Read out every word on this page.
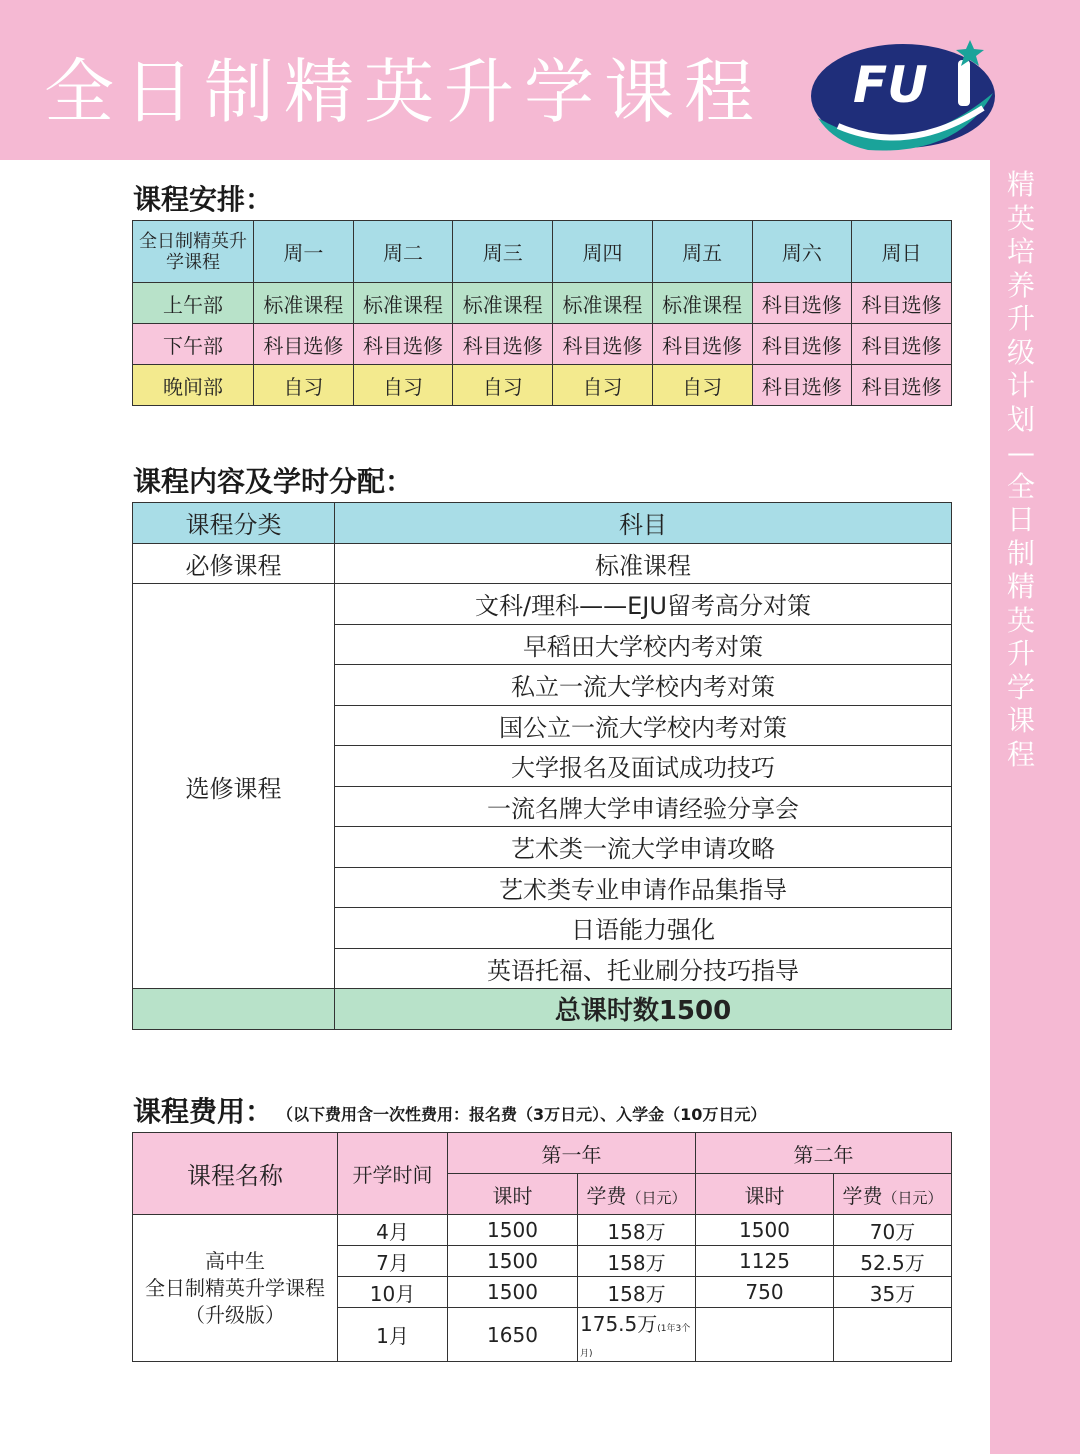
全日制精英升学课程 FU
精英培养升级计划—全日制精英升学课程
课程安排：
全日制精英升学课程	周一	周二	周三	周四	周五	周六	周日
上午部	标准课程	标准课程	标准课程	标准课程	标准课程	科目选修	科目选修
下午部	科目选修	科目选修	科目选修	科目选修	科目选修	科目选修	科目选修
晚间部	自习	自习	自习	自习	自习	科目选修	科目选修
课程内容及学时分配：
课程分类	科目
必修课程	标准课程
选修课程	文科/理科——EJU留考高分对策
	早稻田大学校内考对策
	私立一流大学校内考对策
	国公立一流大学校内考对策
	大学报名及面试成功技巧
	一流名牌大学申请经验分享会
	艺术类一流大学申请攻略
	艺术类专业申请作品集指导
	日语能力强化
	英语托福、托业刷分技巧指导
	总课时数1500
课程费用： （以下费用含一次性费用：报名费（3万日元）、入学金（10万日元）
课程名称	开学时间	第一年		第二年	
		课时	学费（日元）	课时	学费（日元）

高中生
全日制精英升学课程
（升级版）	4月	1500	158万	1500	70万
	7月	1500	158万	1125	52.5万
	10月	1500	158万	750	35万
	1月	1650	175.5万(1年3个月)		
